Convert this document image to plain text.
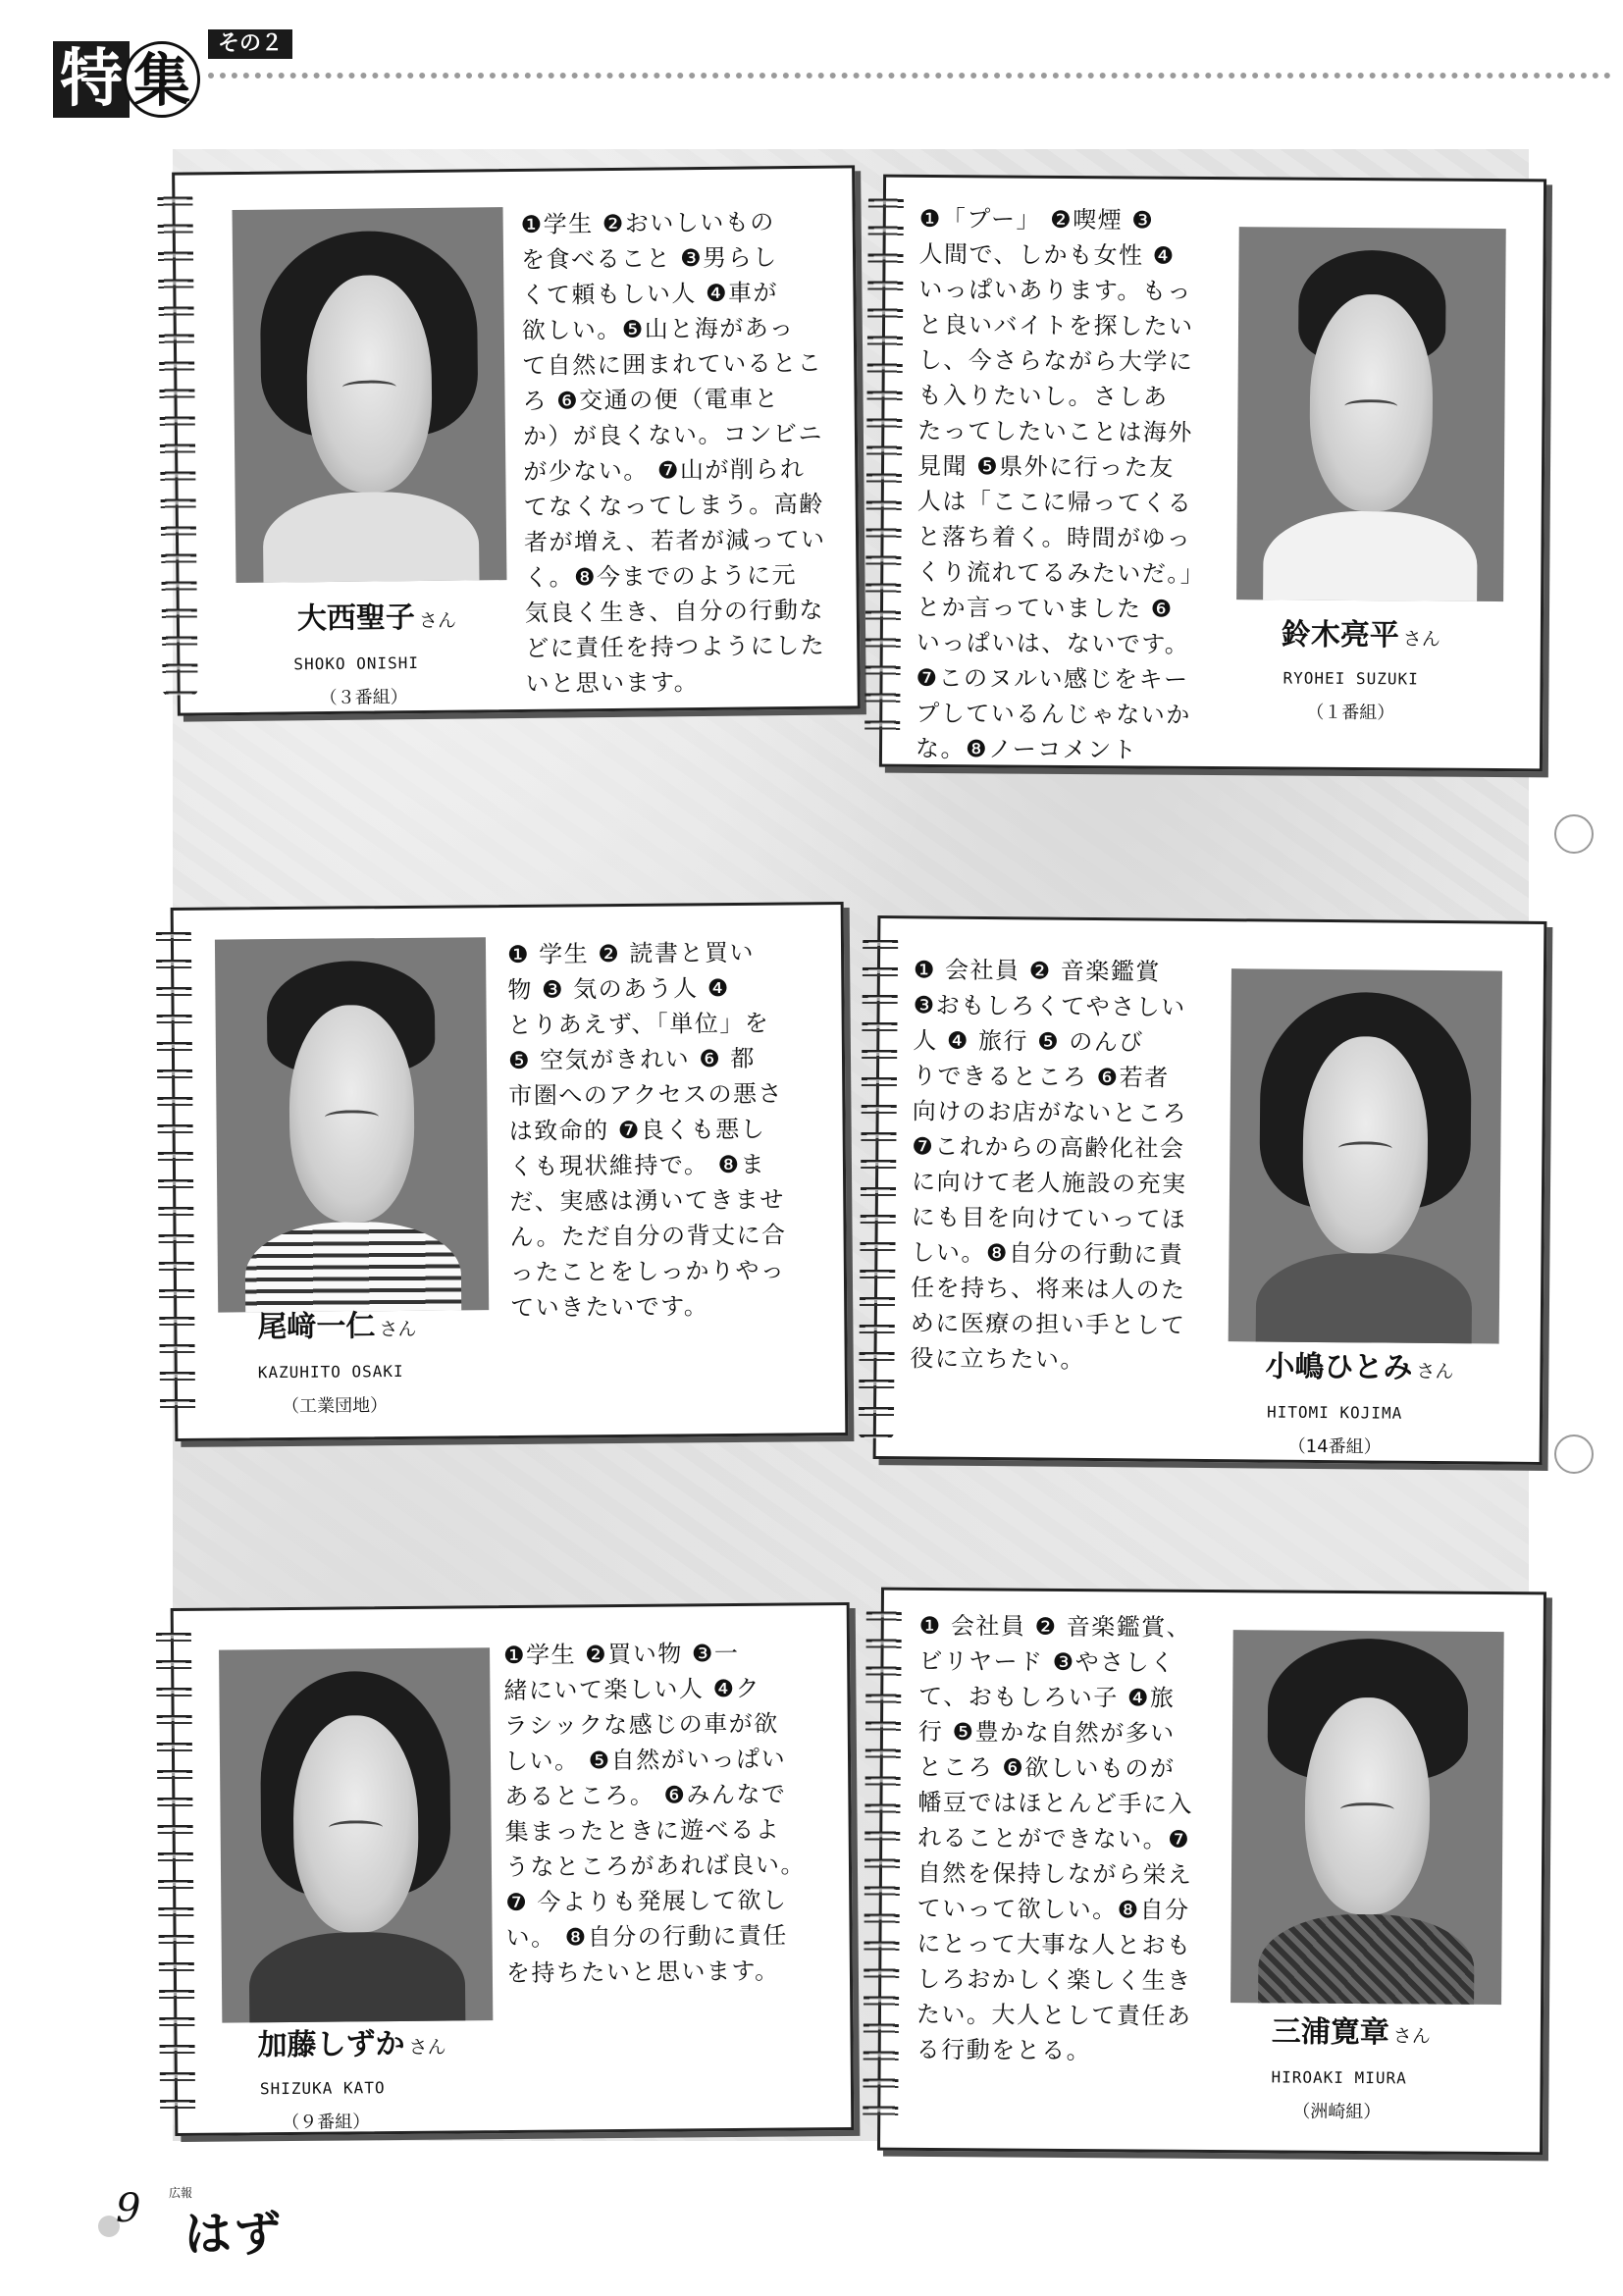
特 集
その２
大西聖子 さん
SHOKO ONISHI
（３番組）
❶学生 ❷おいしいもの
を食べること ❸男らし
くて頼もしい人 ❹車が
欲しい。❺山と海があっ
て自然に囲まれているとこ
ろ ❻交通の便（電車と
か）が良くない。コンビニ
が少ない。 ❼山が削られ
てなくなってしまう。高齢
者が増え、若者が減ってい
く。❽今までのように元
気良く生き、自分の行動な
どに責任を持つようにした
いと思います。
鈴木亮平 さん
RYOHEI SUZUKI
（１番組）
❶「プー」 ❷喫煙 ❸
人間で、しかも女性 ❹
いっぱいあります。もっ
と良いバイトを探したい
し、今さらながら大学に
も入りたいし。さしあ
たってしたいことは海外
見聞 ❺県外に行った友
人は「ここに帰ってくる
と落ち着く。時間がゆっ
くり流れてるみたいだ。」
とか言っていました ❻
いっぱいは、ないです。
❼このヌルい感じをキー
プしているんじゃないか
な。❽ノーコメント
尾﨑一仁 さん
KAZUHITO OSAKI
（工業団地）
❶ 学生 ❷ 読書と買い
物 ❸ 気のあう人 ❹
とりあえず、「単位」を
❺ 空気がきれい ❻ 都
市圏へのアクセスの悪さ
は致命的 ❼良くも悪し
くも現状維持で。 ❽ま
だ、実感は湧いてきませ
ん。ただ自分の背丈に合
ったことをしっかりやっ
ていきたいです。
小嶋ひとみ さん
HITOMI KOJIMA
（14番組）
❶ 会社員 ❷ 音楽鑑賞
❸おもしろくてやさしい
人 ❹ 旅行 ❺ のんび
りできるところ ❻若者
向けのお店がないところ
❼これからの高齢化社会
に向けて老人施設の充実
にも目を向けていってほ
しい。❽自分の行動に責
任を持ち、将来は人のた
めに医療の担い手として
役に立ちたい。
加藤しずか さん
SHIZUKA KATO
（９番組）
❶学生 ❷買い物 ❸一
緒にいて楽しい人 ❹ク
ラシックな感じの車が欲
しい。 ❺自然がいっぱい
あるところ。 ❻みんなで
集まったときに遊べるよ
うなところがあれば良い。
❼ 今よりも発展して欲し
い。 ❽自分の行動に責任
を持ちたいと思います。
三浦寛章 さん
HIROAKI MIURA
（洲崎組）
❶ 会社員 ❷ 音楽鑑賞、
ビリヤード ❸やさしく
て、おもしろい子 ❹旅
行 ❺豊かな自然が多い
ところ ❻欲しいものが
幡豆ではほとんど手に入
れることができない。❼
自然を保持しながら栄え
ていって欲しい。❽自分
にとって大事な人とおも
しろおかしく楽しく生き
たい。大人として責任あ
る行動をとる。
9 広報
はず
